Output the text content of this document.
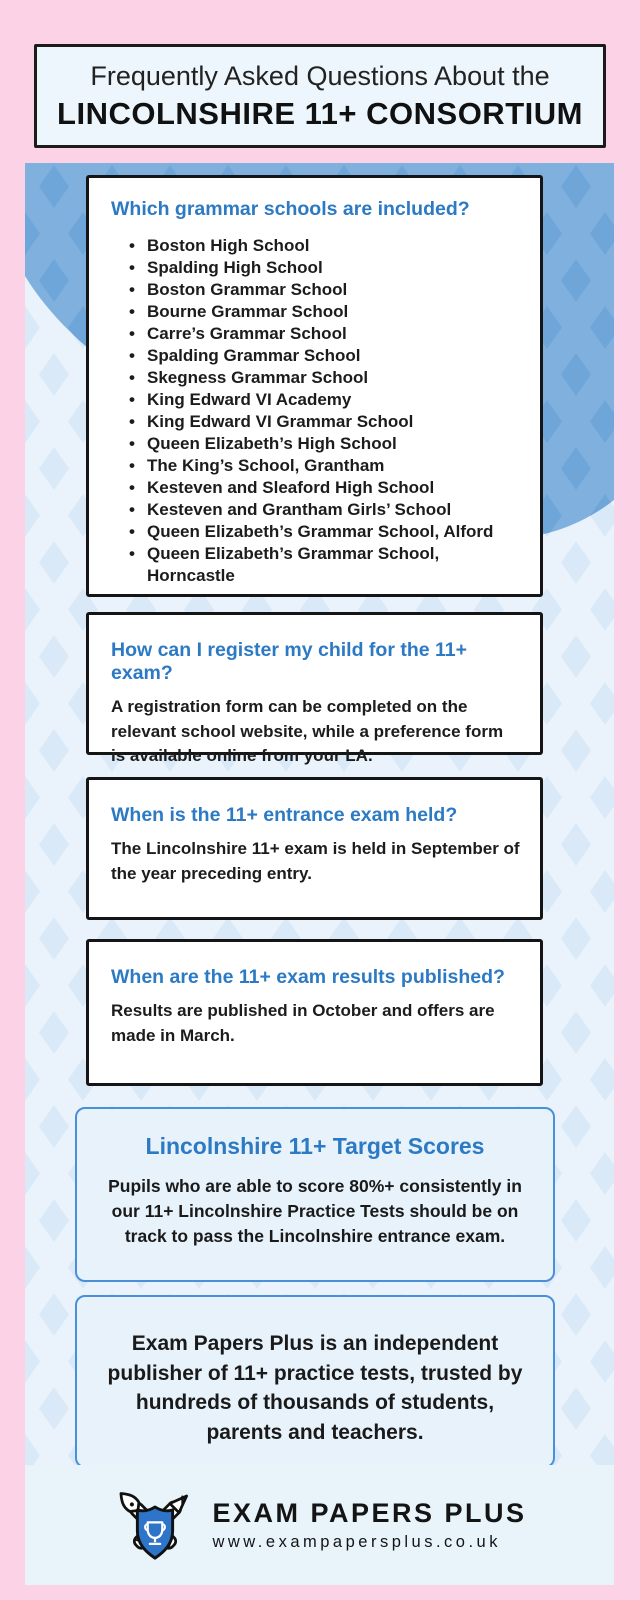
Frequently Asked Questions About the
LINCOLNSHIRE 11+ CONSORTIUM
Which grammar schools are included?
• Boston High School
• Spalding High School
• Boston Grammar School
• Bourne Grammar School
• Carre’s Grammar School
• Spalding Grammar School
• Skegness Grammar School
• King Edward VI Academy
• King Edward VI Grammar School
• Queen Elizabeth’s High School
• The King’s School, Grantham
• Kesteven and Sleaford High School
• Kesteven and Grantham Girls’ School
• Queen Elizabeth’s Grammar School, Alford
• Queen Elizabeth’s Grammar School, Horncastle
How can I register my child for the 11+ exam?

A registration form can be completed on the relevant school website, while a preference form is available online from your LA.

When is the 11+ entrance exam held?

The Lincolnshire 11+ exam is held in September of the year preceding entry.

When are the 11+ exam results published?

Results are published in October and offers are made in March.

Lincolnshire 11+ Target Scores

Pupils who are able to score 80%+ consistently in our 11+ Lincolnshire Practice Tests should be on track to pass the Lincolnshire entrance exam.

Exam Papers Plus is an independent publisher of 11+ practice tests, trusted by hundreds of thousands of students, parents and teachers.

EXAM PAPERS PLUS
www.exampapersplus.co.uk
